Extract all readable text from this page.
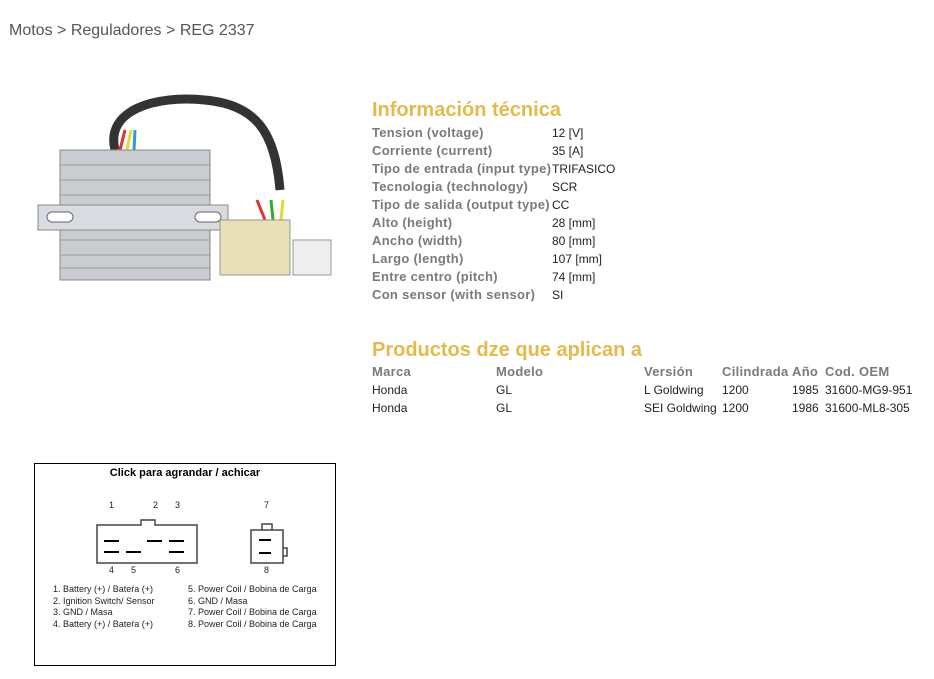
Motos > Reguladores > REG 2337
Información técnica
Tension (voltage)	12 [V]
Corriente (current)	35 [A]
Tipo de entrada (input type) TRIFASICO
Tecnologia (technology) SCR
Tipo de salida (output type) CC
Alto (height)	28 [mm]
Ancho (width)	80 [mm]
Largo (length)	107 [mm]
Entre centro (pitch)	74 [mm]
Con sensor (with sensor) SI
Productos dze que aplican a
Marca	Modelo	Versión Cilindrada Año Cod. OEM
Honda	GL	L Goldwing 1200	1985 31600-MG9-951
Honda	GL	SEI Goldwing 1200	1986 31600-ML8-305
Click para agrandar / achicar
1	2 3
4 5	6
7
8
1. Battery (+) / Bateŕa (+)
2. Ignition Switch/ Sensor
3. GND / Masa
4. Battery (+) / Bateŕa (+)
5. Power Coil / Bobina de Carga
6. GND / Masa
7. Power Coil / Bobina de Carga
8. Power Coil / Bobina de Carga
